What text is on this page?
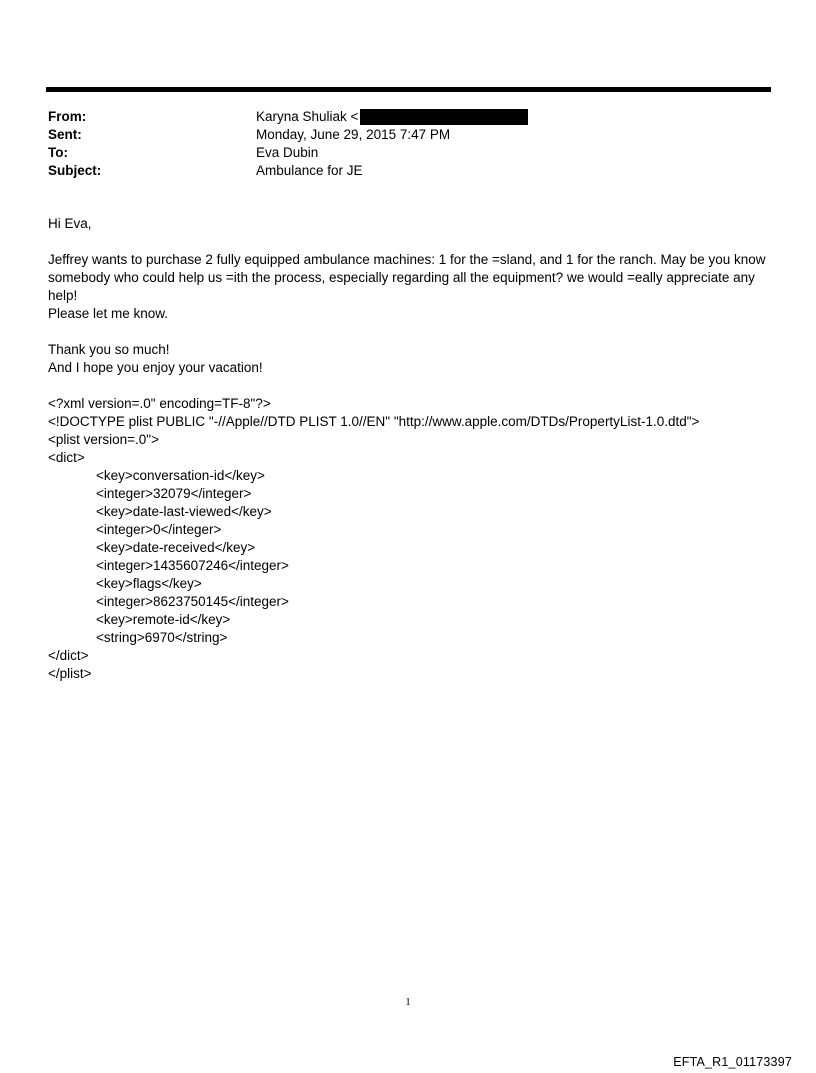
From:	Karyna Shuliak <
Sent:	Monday, June 29, 2015 7:47 PM
To:	Eva Dubin
Subject:	Ambulance for JE

Hi Eva,

Jeffrey wants to purchase 2 fully equipped ambulance machines: 1 for the =sland, and 1 for the ranch. May be you know

somebody who could help us =ith the process, especially regarding all the equipment? we would =eally appreciate any

help!

Please let me know.

Thank you so much!

And I hope you enjoy your vacation!

<?xml version=.0" encoding=TF-8"?>

<!DOCTYPE plist PUBLIC "-//Apple//DTD PLIST 1.0//EN" "http://www.apple.com/DTDs/PropertyList-1.0.dtd">

<plist version=.0">

<dict>

<key>conversation-id</key>

<integer>32079</integer>

<key>date-last-viewed</key>

<integer>0</integer>

<key>date-received</key>

<integer>1435607246</integer>

<key>flags</key>

<integer>8623750145</integer>

<key>remote-id</key>

<string>6970</string>

</dict>

</plist>

1
EFTA_R1_01173397
